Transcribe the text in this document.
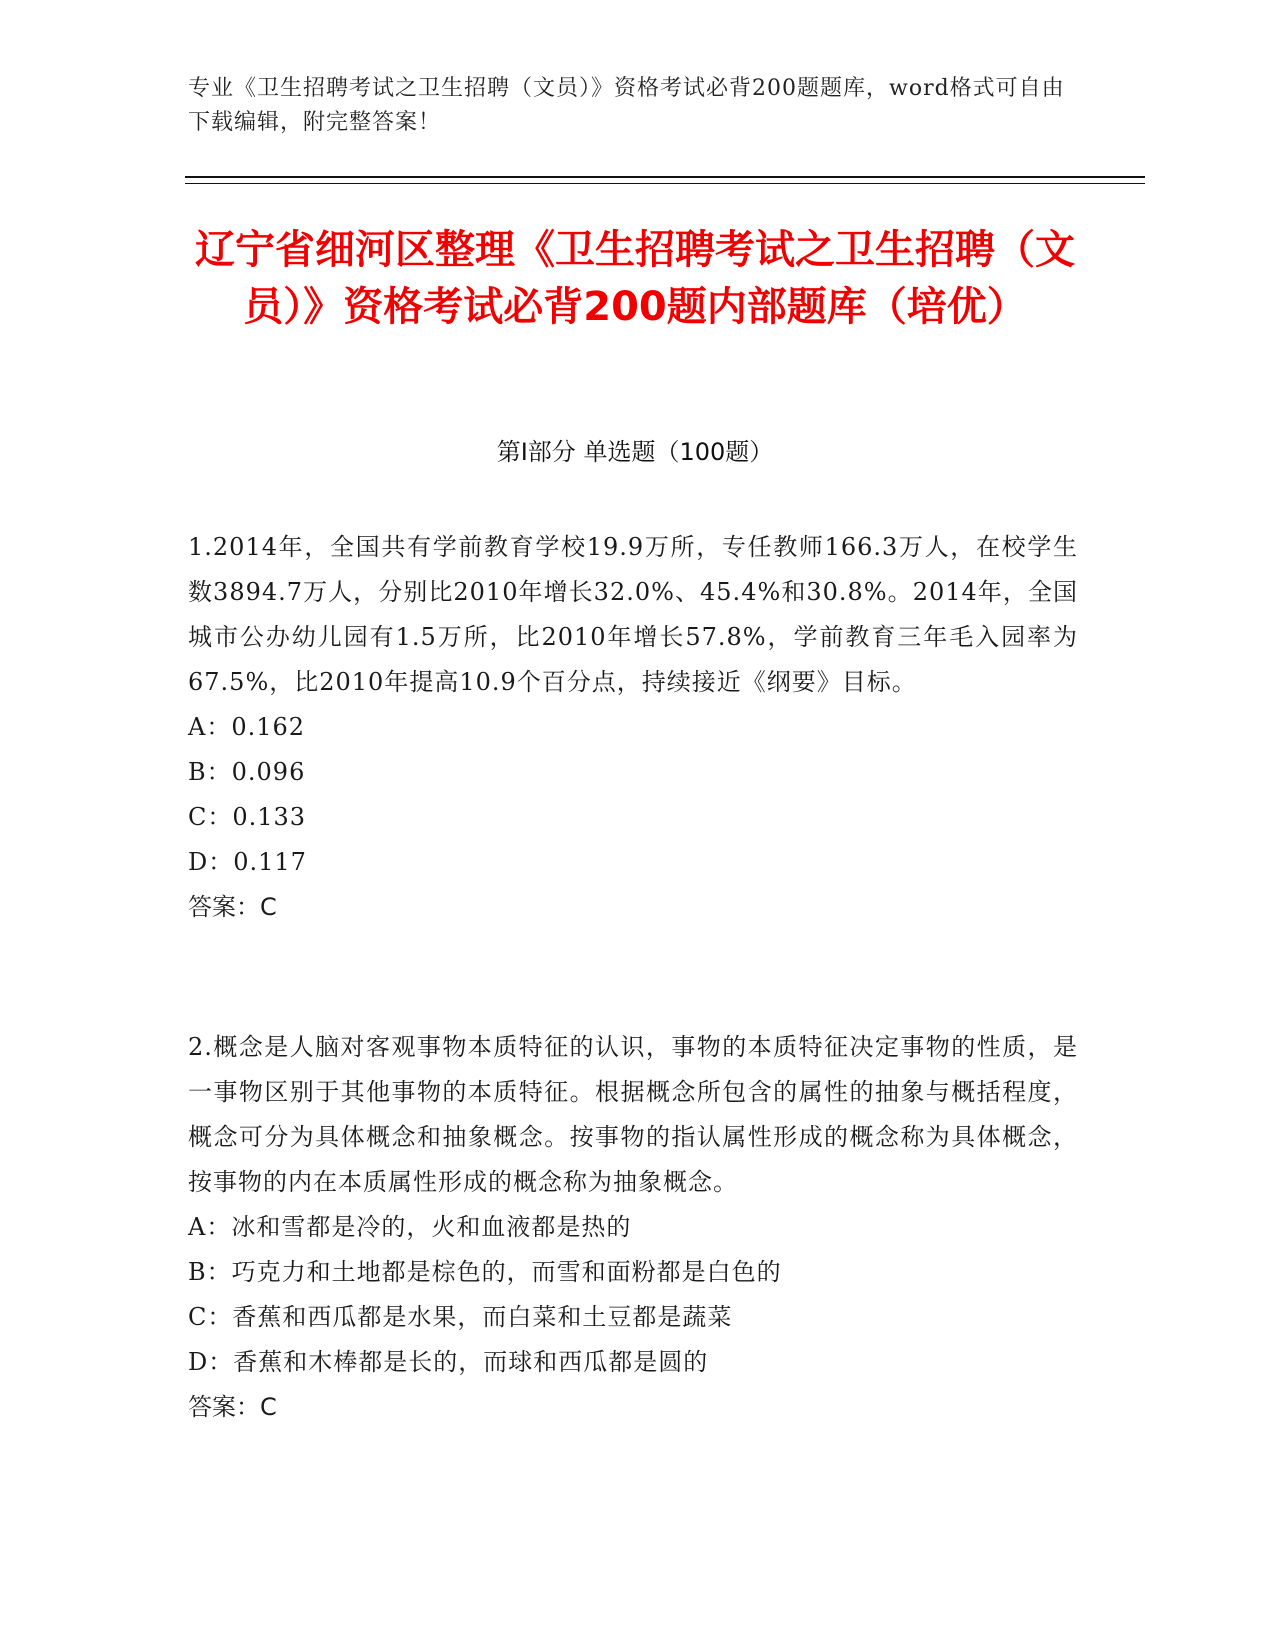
专业《卫生招聘考试之卫生招聘（文员）》资格考试必背200题题库，word格式可自由下载编辑，附完整答案！
辽宁省细河区整理《卫生招聘考试之卫生招聘（文员）》资格考试必背200题内部题库（培优）
第Ⅰ部分 单选题（100题）
1.2014年，全国共有学前教育学校19.9万所，专任教师166.3万人，在校学生数3894.7万人，分别比2010年增长32.0%、45.4%和30.8%。2014年，全国城市公办幼儿园有1.5万所，比2010年增长57.8%，学前教育三年毛入园率为67.5%，比2010年提高10.9个百分点，持续接近《纲要》目标。
A：0.162
B：0.096
C：0.133
D：0.117
答案：C
2.概念是人脑对客观事物本质特征的认识，事物的本质特征决定事物的性质，是一事物区别于其他事物的本质特征。根据概念所包含的属性的抽象与概括程度，概念可分为具体概念和抽象概念。按事物的指认属性形成的概念称为具体概念，按事物的内在本质属性形成的概念称为抽象概念。
A：冰和雪都是冷的，火和血液都是热的
B：巧克力和土地都是棕色的，而雪和面粉都是白色的
C：香蕉和西瓜都是水果，而白菜和土豆都是蔬菜
D：香蕉和木棒都是长的，而球和西瓜都是圆的
答案：C
